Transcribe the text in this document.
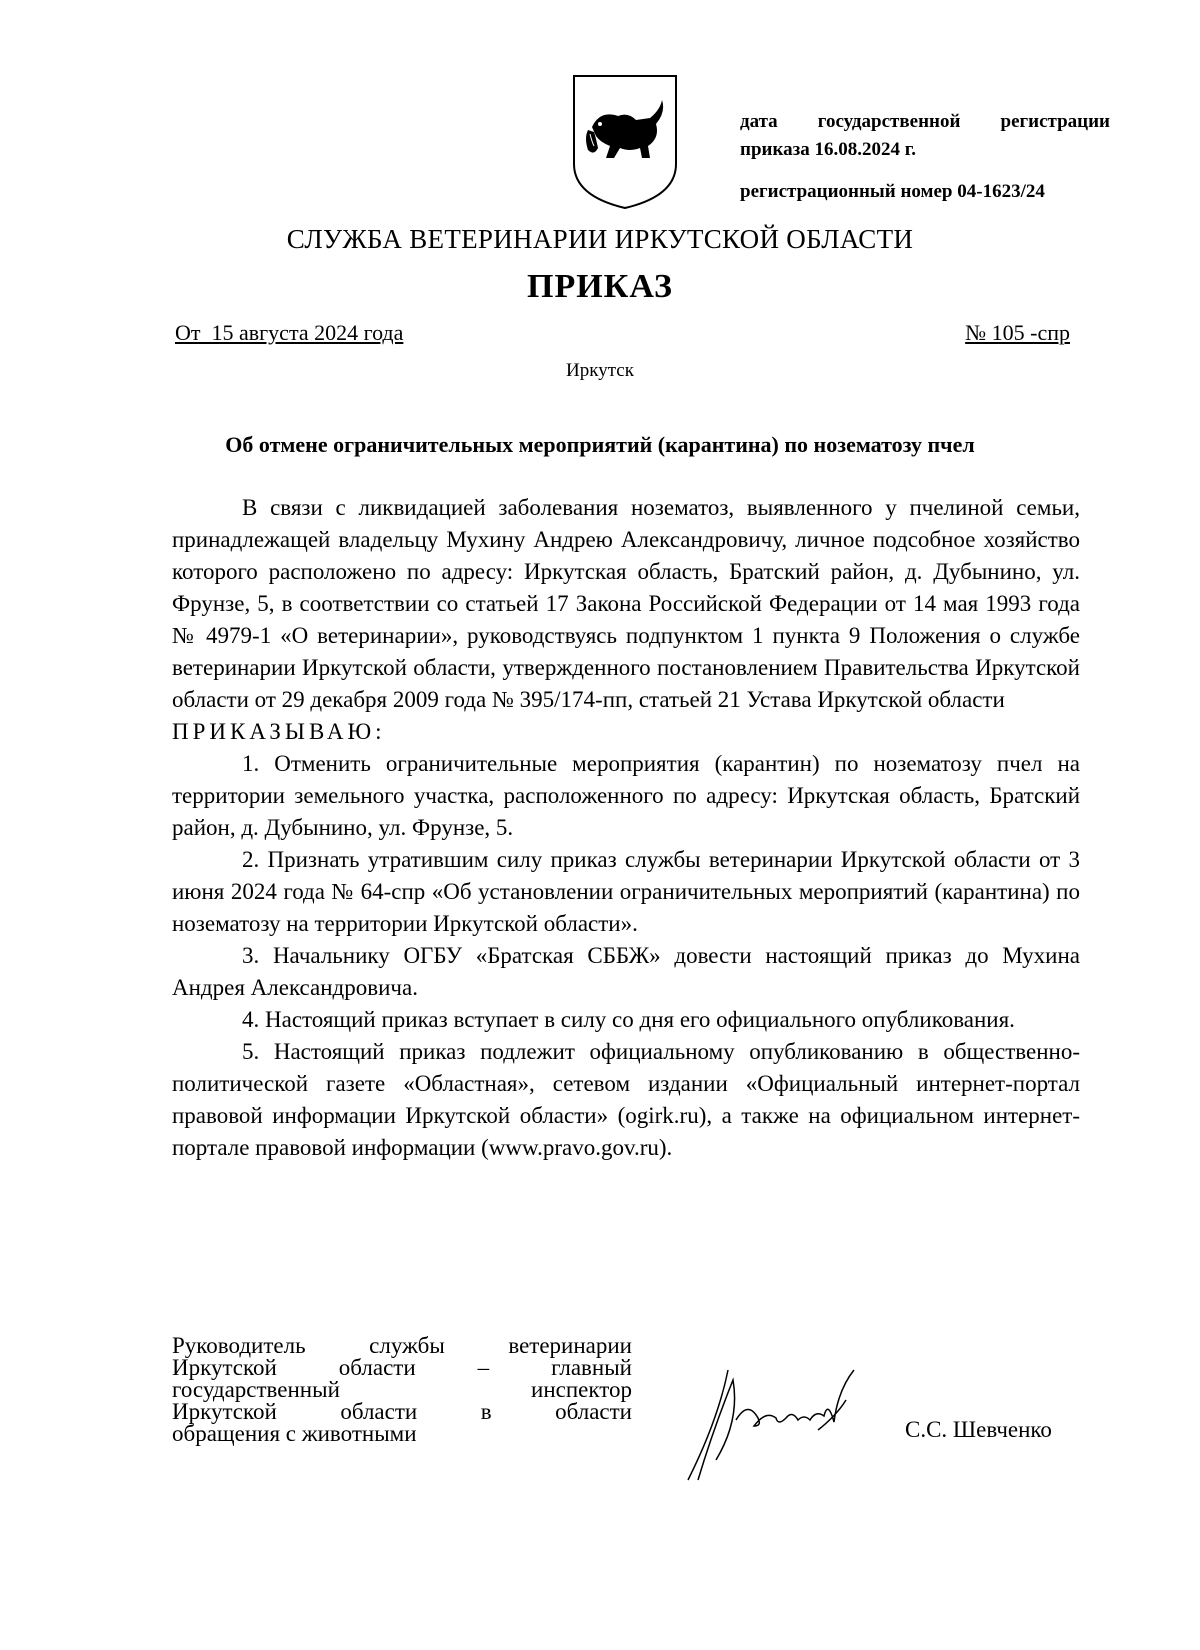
дата государственной регистрации
приказа 16.08.2024 г.
регистрационный номер 04-1623/24
СЛУЖБА ВЕТЕРИНАРИИ ИРКУТСКОЙ ОБЛАСТИ
ПРИКАЗ
От  15 августа 2024 года	№ 105 -спр
Иркутск
Об отмене ограничительных мероприятий (карантина) по нозематозу пчел

В связи с ликвидацией заболевания нозематоз, выявленного у пчелиной семьи, принадлежащей владельцу Мухину Андрею Александровичу, личное подсобное хозяйство которого расположено по адресу: Иркутская область, Братский район, д. Дубынино, ул. Фрунзе, 5, в соответствии со статьей 17 Закона Российской Федерации от 14 мая 1993 года № 4979-1 «О ветеринарии», руководствуясь подпунктом 1 пункта 9 Положения о службе ветеринарии Иркутской области, утвержденного постановлением Правительства Иркутской области от 29 декабря 2009 года № 395/174-пп, статьей 21 Устава Иркутской области

ПРИКАЗЫВАЮ:

1. Отменить ограничительные мероприятия (карантин) по нозематозу пчел на территории земельного участка, расположенного по адресу: Иркутская область, Братский район, д. Дубынино, ул. Фрунзе, 5.

2. Признать утратившим силу приказ службы ветеринарии Иркутской области от 3 июня 2024 года № 64-спр «Об установлении ограничительных мероприятий (карантина) по нозематозу на территории Иркутской области».

3. Начальнику ОГБУ «Братская СББЖ» довести настоящий приказ до Мухина Андрея Александровича.

4. Настоящий приказ вступает в силу со дня его официального опубликования.

5. Настоящий приказ подлежит официальному опубликованию в общественно-политической газете «Областная», сетевом издании «Официальный интернет-портал правовой информации Иркутской области» (ogirk.ru), а также на официальном интернет-портале правовой информации (www.pravo.gov.ru).

Руководитель службы ветеринарии
Иркутской области – главный
государственный инспектор
Иркутской области в области
обращения с животными	С.С. Шевченко
